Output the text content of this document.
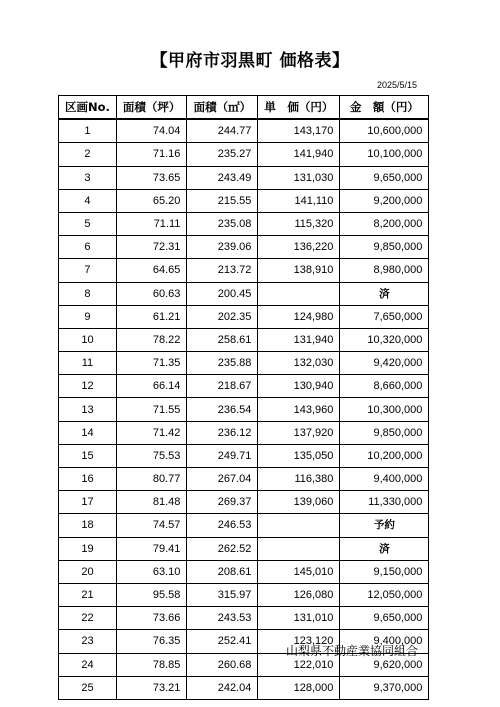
【甲府市羽黒町 価格表】
2025/5/15
区画No.	面積（坪）	面積（㎡）	単　価（円）	金　額（円）
1	74.04	244.77	143,170	10,600,000
2	71.16	235.27	141,940	10,100,000
3	73.65	243.49	131,030	9,650,000
4	65.20	215.55	141,110	9,200,000
5	71.11	235.08	115,320	8,200,000
6	72.31	239.06	136,220	9,850,000
7	64.65	213.72	138,910	8,980,000
8	60.63	200.45		済
9	61.21	202.35	124,980	7,650,000
10	78.22	258.61	131,940	10,320,000
11	71.35	235.88	132,030	9,420,000
12	66.14	218.67	130,940	8,660,000
13	71.55	236.54	143,960	10,300,000
14	71.42	236.12	137,920	9,850,000
15	75.53	249.71	135,050	10,200,000
16	80.77	267.04	116,380	9,400,000
17	81.48	269.37	139,060	11,330,000
18	74.57	246.53		予約
19	79.41	262.52		済
20	63.10	208.61	145,010	9,150,000
21	95.58	315.97	126,080	12,050,000
22	73.66	243.53	131,010	9,650,000
23	76.35	252.41	123,120	9,400,000
24	78.85	260.68	122,010	9,620,000
25	73.21	242.04	128,000	9,370,000
山梨県不動産業協同組合
